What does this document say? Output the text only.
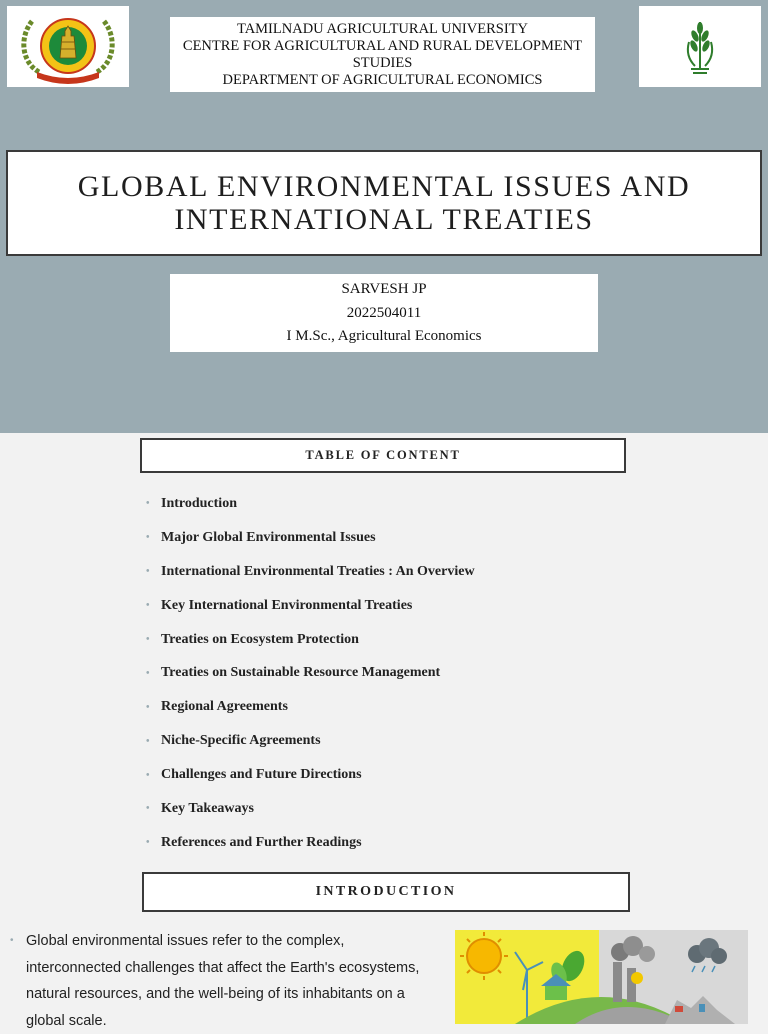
TAMILNADU AGRICULTURAL UNIVERSITY
CENTRE FOR AGRICULTURAL AND RURAL DEVELOPMENT
STUDIES
DEPARTMENT OF AGRICULTURAL ECONOMICS
GLOBAL ENVIRONMENTAL ISSUES AND
INTERNATIONAL TREATIES
SARVESH JP
2022504011
I M.Sc., Agricultural Economics
TABLE OF CONTENT
• Introduction
• Major Global Environmental Issues
• International Environmental Treaties : An Overview
• Key International Environmental Treaties
• Treaties on Ecosystem Protection
• Treaties on Sustainable Resource Management
• Regional Agreements
• Niche-Specific Agreements
• Challenges and Future Directions
• Key Takeaways
• References and Further Readings
INTRODUCTION
• Global environmental issues refer to the complex, interconnected challenges that affect the Earth's ecosystems, natural resources, and the well-being of its inhabitants on a global scale.
